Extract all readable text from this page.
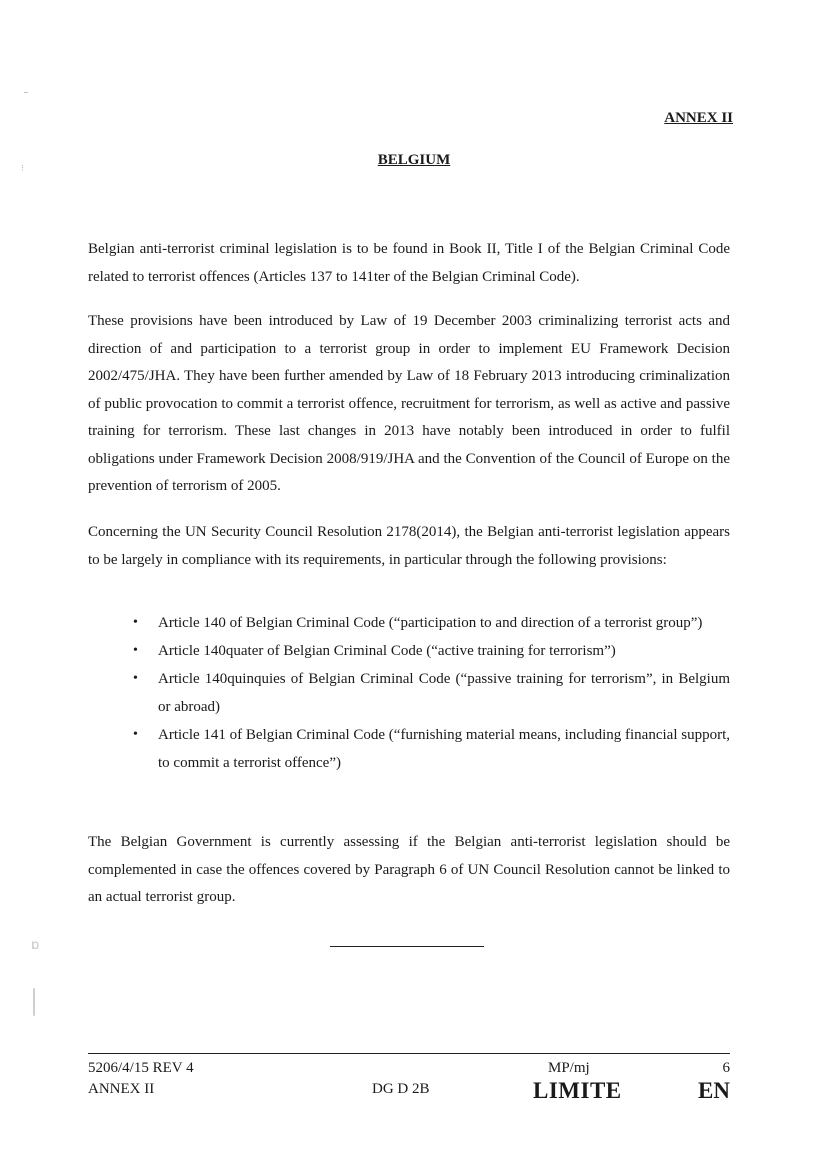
⁝
ɒ

ANNEX II

BELGIUM

Belgian anti-terrorist criminal legislation is to be found in Book II, Title I of the Belgian Criminal Code related to terrorist offences (Articles 137 to 141ter of the Belgian Criminal Code).

These provisions have been introduced by Law of 19 December 2003 criminalizing terrorist acts and direction of and participation to a terrorist group in order to implement EU Framework Decision 2002/475/JHA. They have been further amended by Law of 18 February 2013 introducing criminalization of public provocation to commit a terrorist offence, recruitment for terrorism, as well as active and passive training for terrorism. These last changes in 2013 have notably been introduced in order to fulfil obligations under Framework Decision 2008/919/JHA and the Convention of the Council of Europe on the prevention of terrorism of 2005.

Concerning the UN Security Council Resolution 2178(2014), the Belgian anti-terrorist legislation appears to be largely in compliance with its requirements, in particular through the following provisions:

• Article 140 of Belgian Criminal Code (“participation to and direction of a terrorist group”)
• Article 140quater of Belgian Criminal Code (“active training for terrorism”)
• Article 140quinquies of Belgian Criminal Code (“passive training for terrorism”, in Belgium or abroad)
• Article 141 of Belgian Criminal Code (“furnishing material means, including financial support, to commit a terrorist offence”)

The Belgian Government is currently assessing if the Belgian anti-terrorist legislation should be complemented in case the offences covered by Paragraph 6 of UN Council Resolution cannot be linked to an actual terrorist group.

5206/4/15 REV 4

ANNEX II	DG D 2B

MP/mj	6

LIMITE	EN
